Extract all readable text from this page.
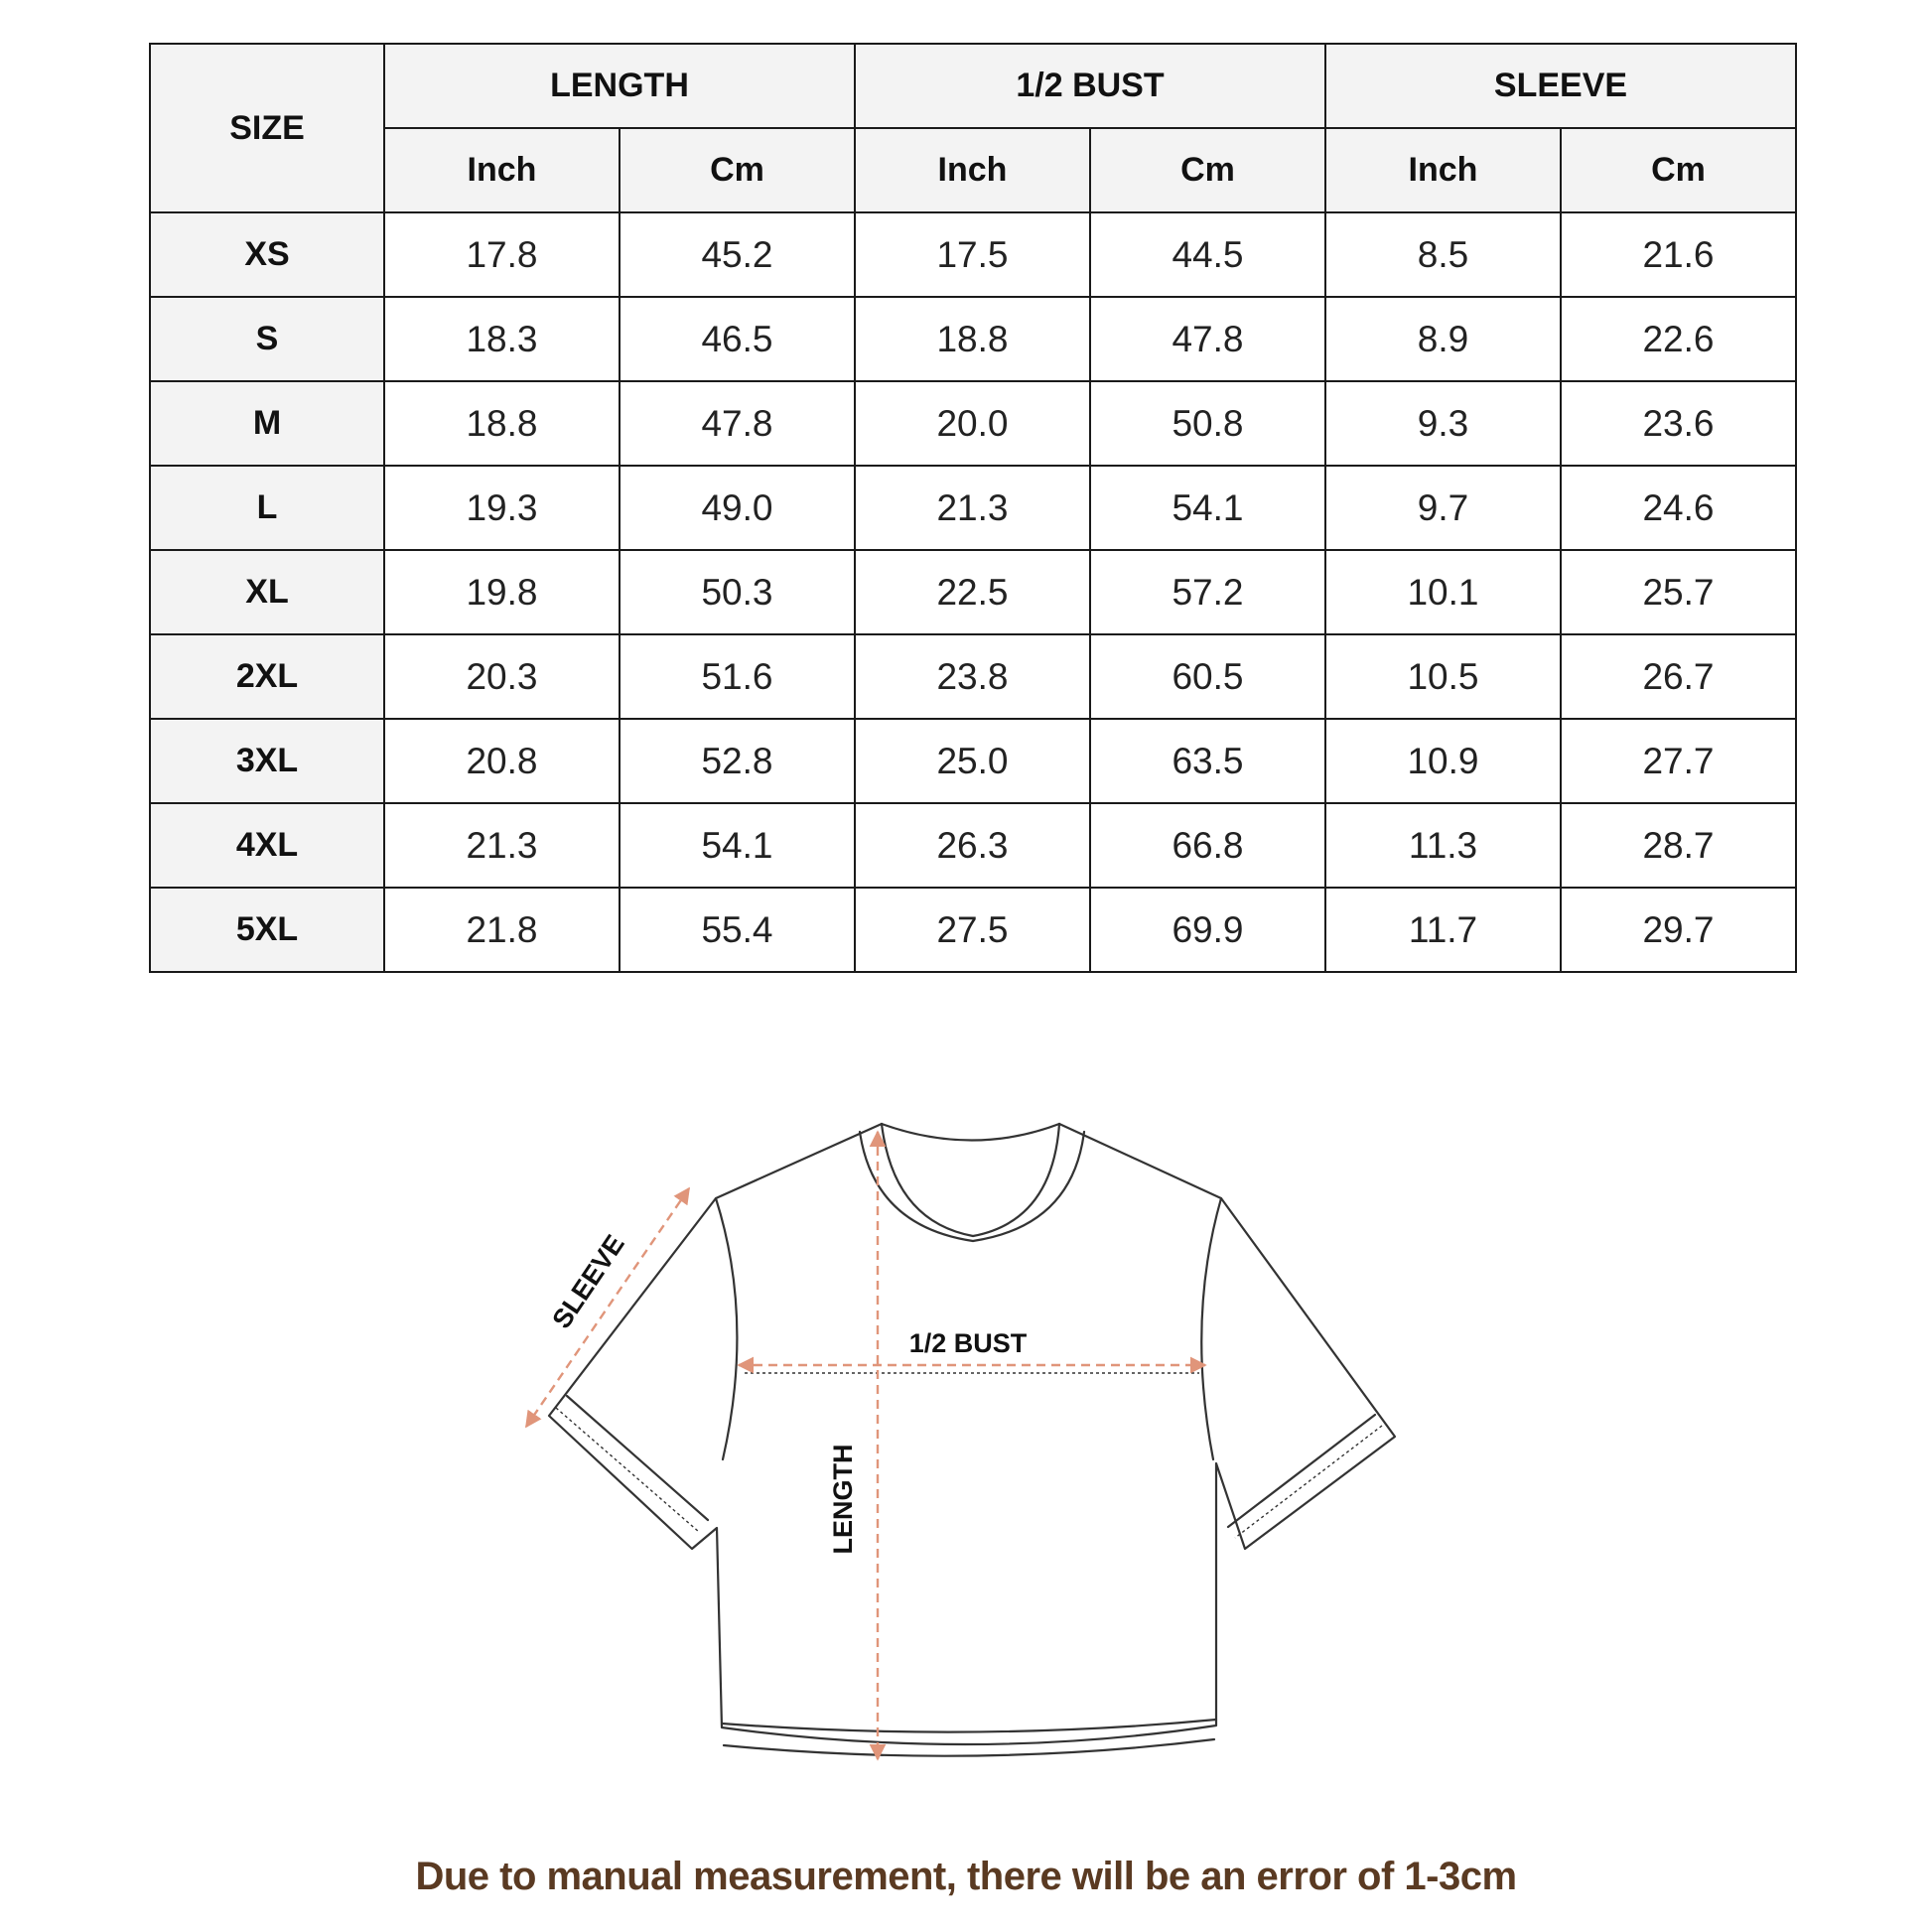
SIZE	LENGTH		1/2 BUST		SLEEVE	
	Inch	Cm	Inch	Cm	Inch	Cm
XS	17.8	45.2	17.5	44.5	8.5	21.6
S	18.3	46.5	18.8	47.8	8.9	22.6
M	18.8	47.8	20.0	50.8	9.3	23.6
L	19.3	49.0	21.3	54.1	9.7	24.6
XL	19.8	50.3	22.5	57.2	10.1	25.7
2XL	20.3	51.6	23.8	60.5	10.5	26.7
3XL	20.8	52.8	25.0	63.5	10.9	27.7
4XL	21.3	54.1	26.3	66.8	11.3	28.7
5XL	21.8	55.4	27.5	69.9	11.7	29.7
SLEEVE
1/2 BUST
LENGTH
Due to manual measurement, there will be an error of 1-3cm
